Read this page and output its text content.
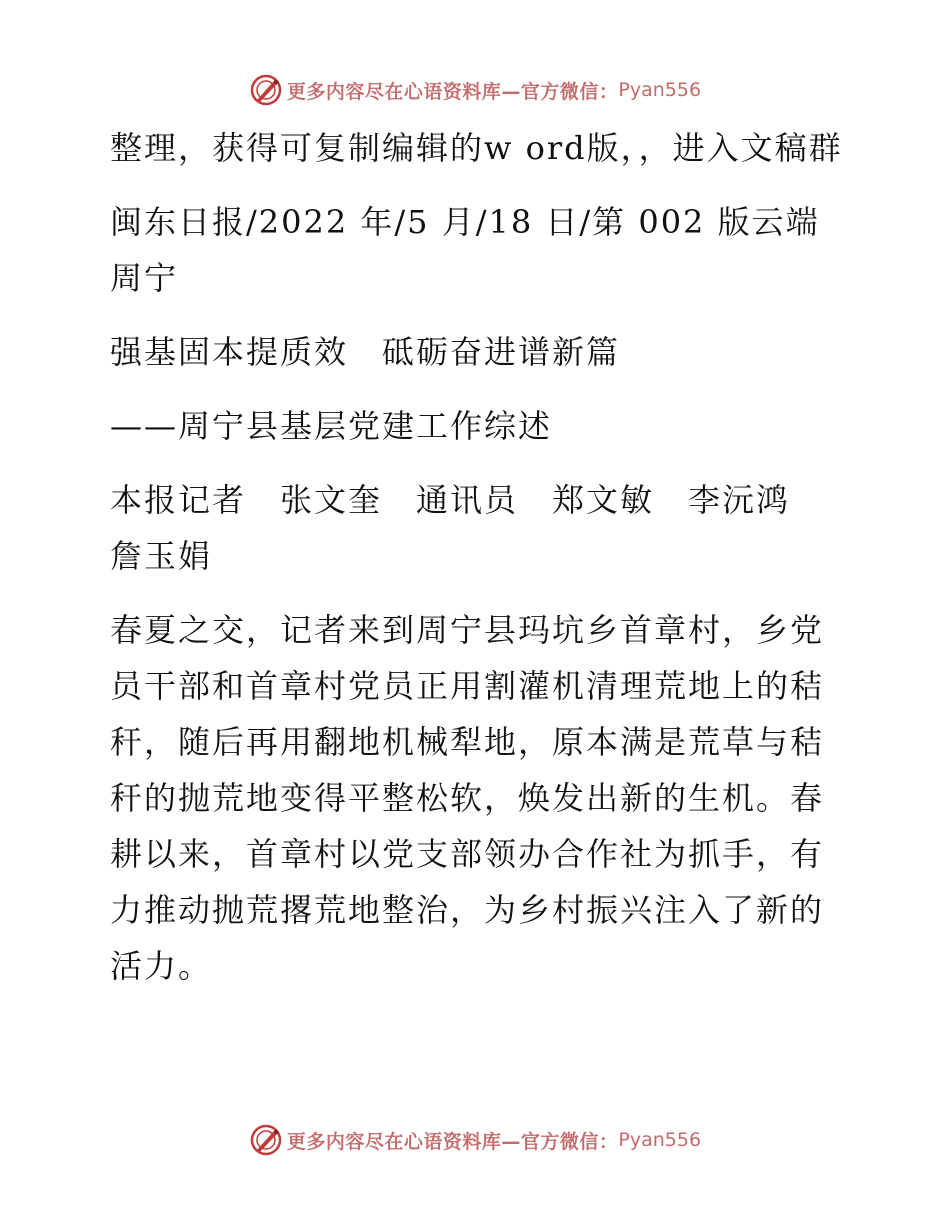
更多内容尽在心语资料库—官方微信： Pyan556

整理，获得可复制编辑的w ord版，，进入文稿群

闽东日报/2022 年/5 月/18 日/第 002 版云端周宁

强基固本提质效　砥砺奋进谱新篇

——周宁县基层党建工作综述

本报记者　张文奎　通讯员　郑文敏　李沅鸿　詹玉娟

春夏之交，记者来到周宁县玛坑乡首章村，乡党员干部和首章村党员正用割灌机清理荒地上的秸秆，随后再用翻地机械犁地，原本满是荒草与秸秆的抛荒地变得平整松软，焕发出新的生机。春耕以来，首章村以党支部领办合作社为抓手，有力推动抛荒撂荒地整治，为乡村振兴注入了新的活力。

更多内容尽在心语资料库—官方微信： Pyan556
